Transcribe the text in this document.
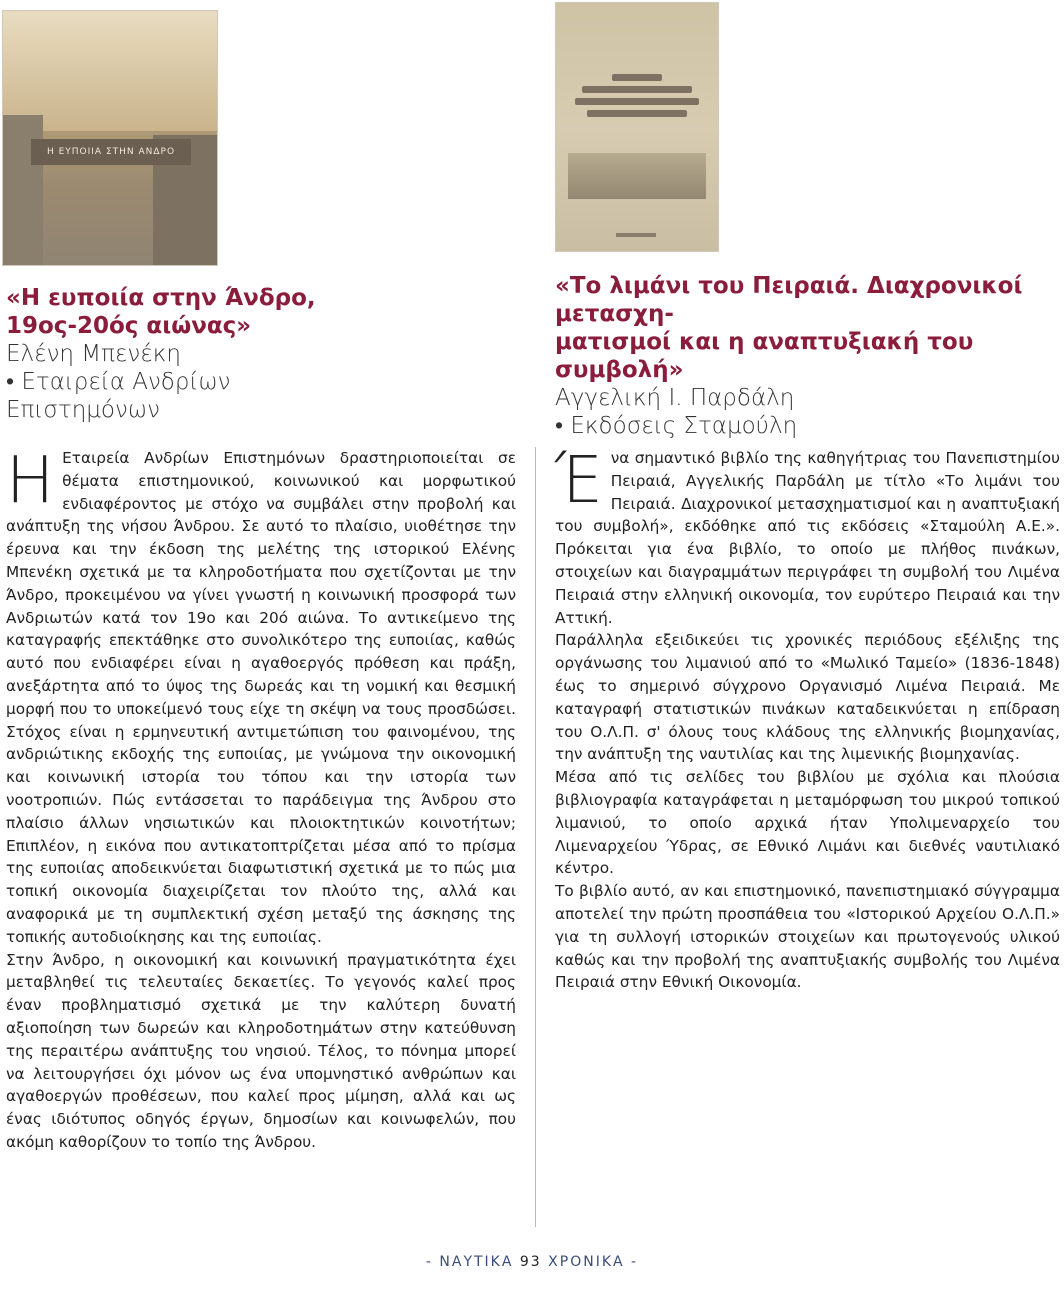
Η ΕΥΠΟΙΙΑ ΣΤΗΝ ΑΝΔΡΟ

«Η ευποιία στην Άνδρο,

19ος-20ός αιώνας»

Ελένη Μπενέκη

• Εταιρεία Ανδρίων Επιστημόνων

«Το λιμάνι του Πειραιά. Διαχρονικοί μετασχη-

ματισμοί και η αναπτυξιακή του συμβολή»

Αγγελική Ι. Παρδάλη

• Εκδόσεις Σταμούλη

Η Εταιρεία Ανδρίων Επιστημόνων δραστηριοποιείται σε θέματα επιστημονικού, κοινωνικού και μορφωτικού ενδιαφέροντος με στόχο να συμβάλει στην προβολή και ανάπτυξη της νήσου Άνδρου. Σε αυτό το πλαίσιο, υιοθέτησε την έρευνα και την έκδοση της μελέτης της ιστορικού Ελένης Μπενέκη σχετικά με τα κληροδοτήματα που σχετίζονται με την Άνδρο, προκειμένου να γίνει γνωστή η κοινωνική προσφορά των Ανδριωτών κατά τον 19ο και 20ό αιώνα. Το αντικείμενο της καταγραφής επεκτάθηκε στο συνολικότερο της ευποιίας, καθώς αυτό που ενδιαφέρει είναι η αγαθοεργός πρόθεση και πράξη, ανεξάρτητα από το ύψος της δωρεάς και τη νομική και θεσμική μορφή που το υποκείμενό τους είχε τη σκέψη να τους προσδώσει. Στόχος είναι η ερμηνευτική αντιμετώπιση του φαινομένου, της ανδριώτικης εκδοχής της ευποιίας, με γνώμονα την οικονομική και κοινωνική ιστορία του τόπου και την ιστορία των νοοτροπιών. Πώς εντάσσεται το παράδειγμα της Άνδρου στο πλαίσιο άλλων νησιωτικών και πλοιοκτητικών κοινοτήτων; Επιπλέον, η εικόνα που αντικατοπτρίζεται μέσα από το πρίσμα της ευποιίας αποδεικνύεται διαφωτιστική σχετικά με το πώς μια τοπική οικονομία διαχειρίζεται τον πλούτο της, αλλά και αναφορικά με τη συμπλεκτική σχέση μεταξύ της άσκησης της τοπικής αυτοδιοίκησης και της ευποιίας.

Στην Άνδρο, η οικονομική και κοινωνική πραγματικότητα έχει μεταβληθεί τις τελευταίες δεκαετίες. Το γεγονός καλεί προς έναν προβληματισμό σχετικά με την καλύτερη δυνατή αξιοποίηση των δωρεών και κληροδοτημάτων στην κατεύθυνση της περαιτέρω ανάπτυξης του νησιού. Τέλος, το πόνημα μπορεί να λειτουργήσει όχι μόνον ως ένα υπομνηστικό ανθρώπων και αγαθοεργών προθέσεων, που καλεί προς μίμηση, αλλά και ως ένας ιδιότυπος οδηγός έργων, δημοσίων και κοινωφελών, που ακόμη καθορίζουν το τοπίο της Άνδρου.

Έ να σημαντικό βιβλίο της καθηγήτριας του Πανεπιστημίου Πειραιά, Αγγελικής Παρδάλη με τίτλο «Το λιμάνι του Πειραιά. Διαχρονικοί μετασχηματισμοί και η αναπτυξιακή του συμβολή», εκδόθηκε από τις εκδόσεις «Σταμούλη Α.Ε.». Πρόκειται για ένα βιβλίο, το οποίο με πλήθος πινάκων, στοιχείων και διαγραμμάτων περιγράφει τη συμβολή του Λιμένα Πειραιά στην ελληνική οικονομία, τον ευρύτερο Πειραιά και την Αττική.

Παράλληλα εξειδικεύει τις χρονικές περιόδους εξέλιξης της οργάνωσης του λιμανιού από το «Μωλικό Ταμείο» (1836-1848) έως το σημερινό σύγχρονο Οργανισμό Λιμένα Πειραιά. Με καταγραφή στατιστικών πινάκων καταδεικνύεται η επίδραση του Ο.Λ.Π. σ' όλους τους κλάδους της ελληνικής βιομηχανίας, την ανάπτυξη της ναυτιλίας και της λιμενικής βιομηχανίας.

Μέσα από τις σελίδες του βιβλίου με σχόλια και πλούσια βιβλιογραφία καταγράφεται η μεταμόρφωση του μικρού τοπικού λιμανιού, το οποίο αρχικά ήταν Υπολιμεναρχείο του Λιμεναρχείου Ύδρας, σε Εθνικό Λιμάνι και διεθνές ναυτιλιακό κέντρο.

Το βιβλίο αυτό, αν και επιστημονικό, πανεπιστημιακό σύγγραμμα αποτελεί την πρώτη προσπάθεια του «Ιστορικού Αρχείου Ο.Λ.Π.» για τη συλλογή ιστορικών στοιχείων και πρωτογενούς υλικού καθώς και την προβολή της αναπτυξιακής συμβολής του Λιμένα Πειραιά στην Εθνική Οικονομία.

- ΝΑΥΤΙΚΑ 93 ΧΡΟΝΙΚΑ -
